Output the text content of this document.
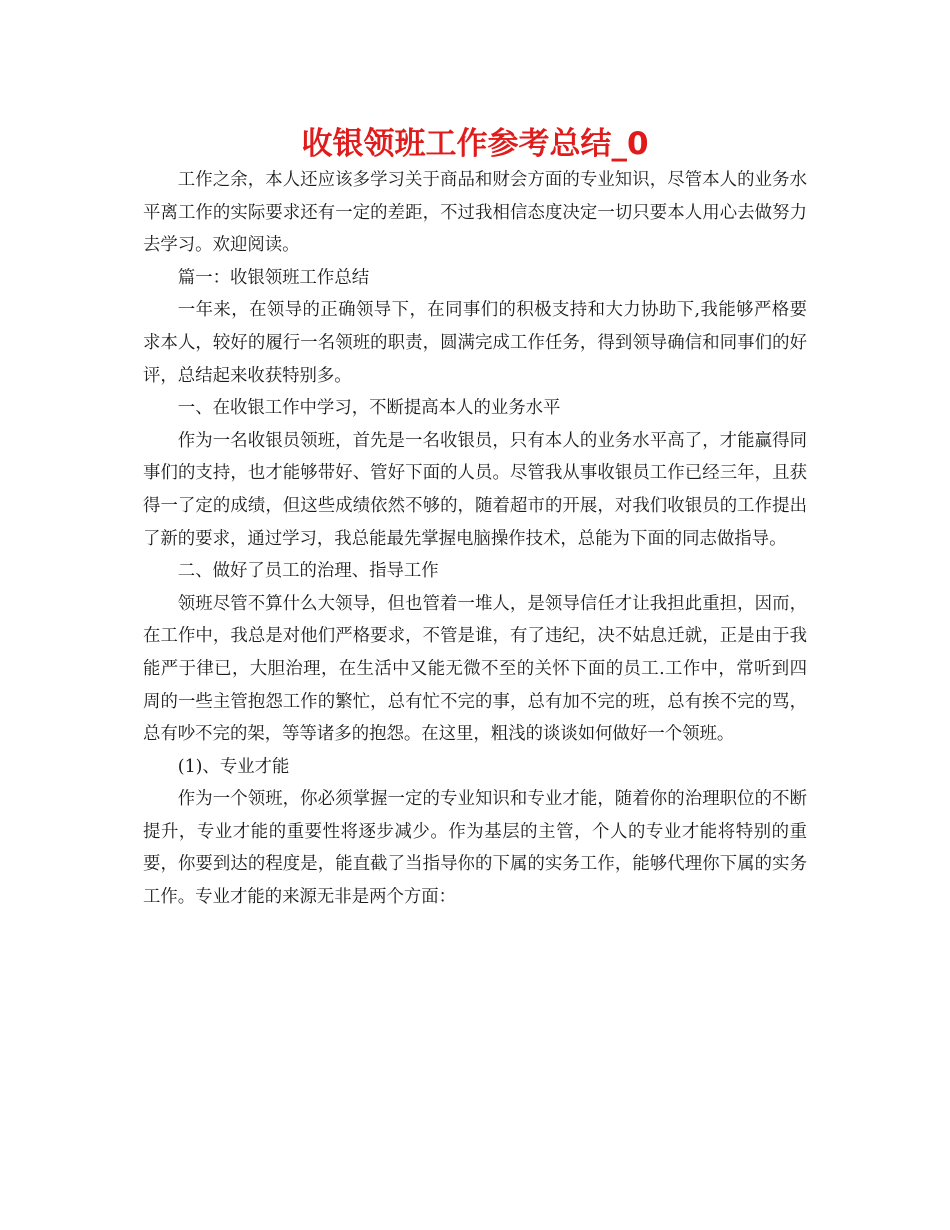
收银领班工作参考总结_0

工作之余，本人还应该多学习关于商品和财会方面的专业知识，尽管本人的业务水平离工作的实际要求还有一定的差距，不过我相信态度决定一切只要本人用心去做努力去学习。欢迎阅读。

篇一：收银领班工作总结

一年来，在领导的正确领导下，在同事们的积极支持和大力协助下,我能够严格要求本人，较好的履行一名领班的职责，圆满完成工作任务，得到领导确信和同事们的好评，总结起来收获特别多。

一、在收银工作中学习，不断提高本人的业务水平

作为一名收银员领班，首先是一名收银员，只有本人的业务水平高了，才能赢得同事们的支持，也才能够带好、管好下面的人员。尽管我从事收银员工作已经三年，且获得一了定的成绩，但这些成绩依然不够的，随着超市的开展，对我们收银员的工作提出了新的要求，通过学习，我总能最先掌握电脑操作技术，总能为下面的同志做指导。

二、做好了员工的治理、指导工作

领班尽管不算什么大领导，但也管着一堆人，是领导信任才让我担此重担，因而，在工作中，我总是对他们严格要求，不管是谁，有了违纪，决不姑息迁就，正是由于我能严于律已，大胆治理，在生活中又能无微不至的关怀下面的员工.工作中，常听到四周的一些主管抱怨工作的繁忙，总有忙不完的事，总有加不完的班，总有挨不完的骂，总有吵不完的架，等等诸多的抱怨。在这里，粗浅的谈谈如何做好一个领班。

(1)、专业才能

作为一个领班，你必须掌握一定的专业知识和专业才能，随着你的治理职位的不断提升，专业才能的重要性将逐步减少。作为基层的主管，个人的专业才能将特别的重要，你要到达的程度是，能直截了当指导你的下属的实务工作，能够代理你下属的实务工作。专业才能的来源无非是两个方面：
